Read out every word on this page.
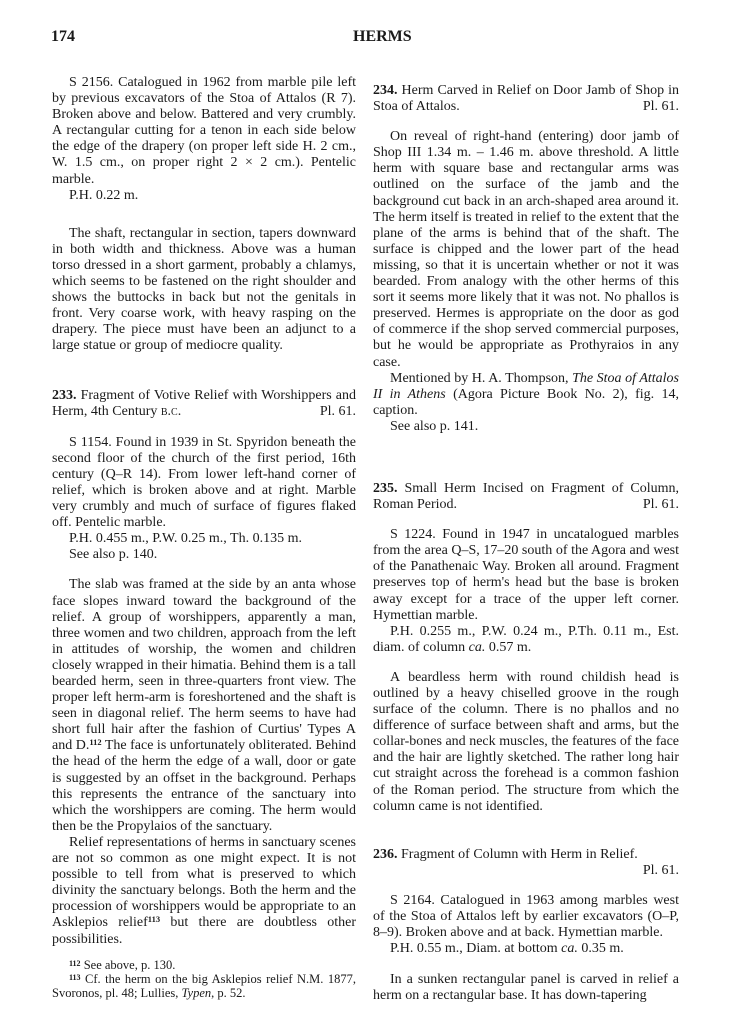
174	HERMS

S 2156. Catalogued in 1962 from marble pile left by previous excavators of the Stoa of Attalos (R 7). Broken above and below. Battered and very crumbly. A rectangular cutting for a tenon in each side below the edge of the drapery (on proper left side H. 2 cm., W. 1.5 cm., on proper right 2 × 2 cm.). Pentelic marble.

P.H. 0.22 m.

The shaft, rectangular in section, tapers downward in both width and thickness. Above was a human torso dressed in a short garment, probably a chlamys, which seems to be fastened on the right shoulder and shows the buttocks in back but not the genitals in front. Very coarse work, with heavy rasping on the drapery. The piece must have been an adjunct to a large statue or group of mediocre quality.

233. Fragment of Votive Relief with Worshippers and Herm, 4th Century b.c.	Pl. 61.

S 1154. Found in 1939 in St. Spyridon beneath the second floor of the church of the first period, 16th century (Q–R 14). From lower left-hand corner of relief, which is broken above and at right. Marble very crumbly and much of surface of figures flaked off. Pentelic marble.

P.H. 0.455 m., P.W. 0.25 m., Th. 0.135 m.

See also p. 140.

The slab was framed at the side by an anta whose face slopes inward toward the background of the relief. A group of worshippers, apparently a man, three women and two children, approach from the left in attitudes of worship, the women and children closely wrapped in their himatia. Behind them is a tall bearded herm, seen in three-quarters front view. The proper left herm-arm is foreshortened and the shaft is seen in diagonal relief. The herm seems to have had short full hair after the fashion of Curtius' Types A and D.$^{112}$ The face is unfortunately obliterated. Behind the head of the herm the edge of a wall, door or gate is suggested by an offset in the background. Perhaps this represents the entrance of the sanctuary into which the worshippers are coming. The herm would then be the Propylaios of the sanctuary.

Relief representations of herms in sanctuary scenes are not so common as one might expect. It is not possible to tell from what is preserved to which divinity the sanctuary belongs. Both the herm and the procession of worshippers would be appropriate to an Asklepios relief$^{113}$ but there are doubtless other possibilities.

$^{112}$ See above, p. 130.

$^{113}$ Cf. the herm on the big Asklepios relief N.M. 1877, Svoronos, pl. 48; Lullies, Typen, p. 52.

234. Herm Carved in Relief on Door Jamb of Shop in Stoa of Attalos.	Pl. 61.

On reveal of right-hand (entering) door jamb of Shop III 1.34 m. – 1.46 m. above threshold. A little herm with square base and rectangular arms was outlined on the surface of the jamb and the background cut back in an arch-shaped area around it. The herm itself is treated in relief to the extent that the plane of the arms is behind that of the shaft. The surface is chipped and the lower part of the head missing, so that it is uncertain whether or not it was bearded. From analogy with the other herms of this sort it seems more likely that it was not. No phallos is preserved. Hermes is appropriate on the door as god of commerce if the shop served commercial purposes, but he would be appropriate as Prothyraios in any case.

Mentioned by H. A. Thompson, The Stoa of Attalos II in Athens (Agora Picture Book No. 2), fig. 14, caption.

See also p. 141.

235. Small Herm Incised on Fragment of Column, Roman Period.	Pl. 61.

S 1224. Found in 1947 in uncatalogued marbles from the area Q–S, 17–20 south of the Agora and west of the Panathenaic Way. Broken all around. Fragment preserves top of herm's head but the base is broken away except for a trace of the upper left corner. Hymettian marble.

P.H. 0.255 m., P.W. 0.24 m., P.Th. 0.11 m., Est. diam. of column ca. 0.57 m.

A beardless herm with round childish head is outlined by a heavy chiselled groove in the rough surface of the column. There is no phallos and no difference of surface between shaft and arms, but the collar-bones and neck muscles, the features of the face and the hair are lightly sketched. The rather long hair cut straight across the forehead is a common fashion of the Roman period. The structure from which the column came is not identified.

236. Fragment of Column with Herm in Relief.
Pl. 61.

S 2164. Catalogued in 1963 among marbles west of the Stoa of Attalos left by earlier excavators (O–P, 8–9). Broken above and at back. Hymettian marble.

P.H. 0.55 m., Diam. at bottom ca. 0.35 m.

In a sunken rectangular panel is carved in relief a herm on a rectangular base. It has down-tapering
